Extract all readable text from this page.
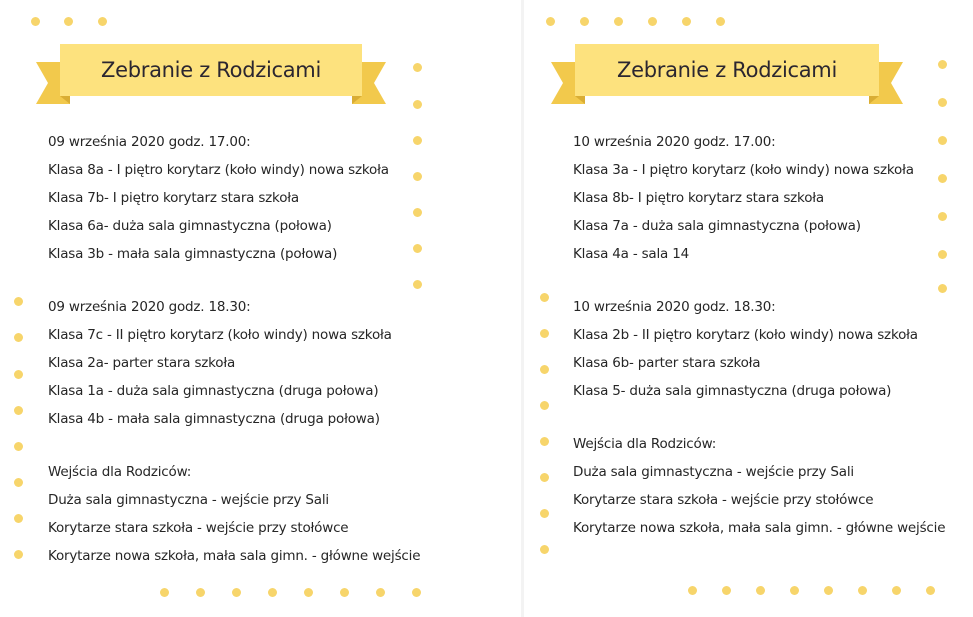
Zebranie z Rodzicami
09 września 2020 godz. 17.00:
Klasa 8a - I piętro korytarz (koło windy) nowa szkoła
Klasa 7b- I piętro korytarz stara szkoła
Klasa 6a- duża sala gimnastyczna (połowa)
Klasa 3b - mała sala gimnastyczna (połowa)
09 września 2020 godz. 18.30:
Klasa 7c - II piętro korytarz (koło windy) nowa szkoła
Klasa 2a- parter stara szkoła
Klasa 1a - duża sala gimnastyczna (druga połowa)
Klasa 4b - mała sala gimnastyczna (druga połowa)
Wejścia dla Rodziców:
Duża sala gimnastyczna - wejście przy Sali
Korytarze stara szkoła - wejście przy stołówce
Korytarze nowa szkoła, mała sala gimn. - główne wejście
Zebranie z Rodzicami
10 września 2020 godz. 17.00:
Klasa 3a - I piętro korytarz (koło windy) nowa szkoła
Klasa 8b- I piętro korytarz stara szkoła
Klasa 7a - duża sala gimnastyczna (połowa)
Klasa 4a - sala 14
10 września 2020 godz. 18.30:
Klasa 2b - II piętro korytarz (koło windy) nowa szkoła
Klasa 6b- parter stara szkoła
Klasa 5- duża sala gimnastyczna (druga połowa)
Wejścia dla Rodziców:
Duża sala gimnastyczna - wejście przy Sali
Korytarze stara szkoła - wejście przy stołówce
Korytarze nowa szkoła, mała sala gimn. - główne wejście
